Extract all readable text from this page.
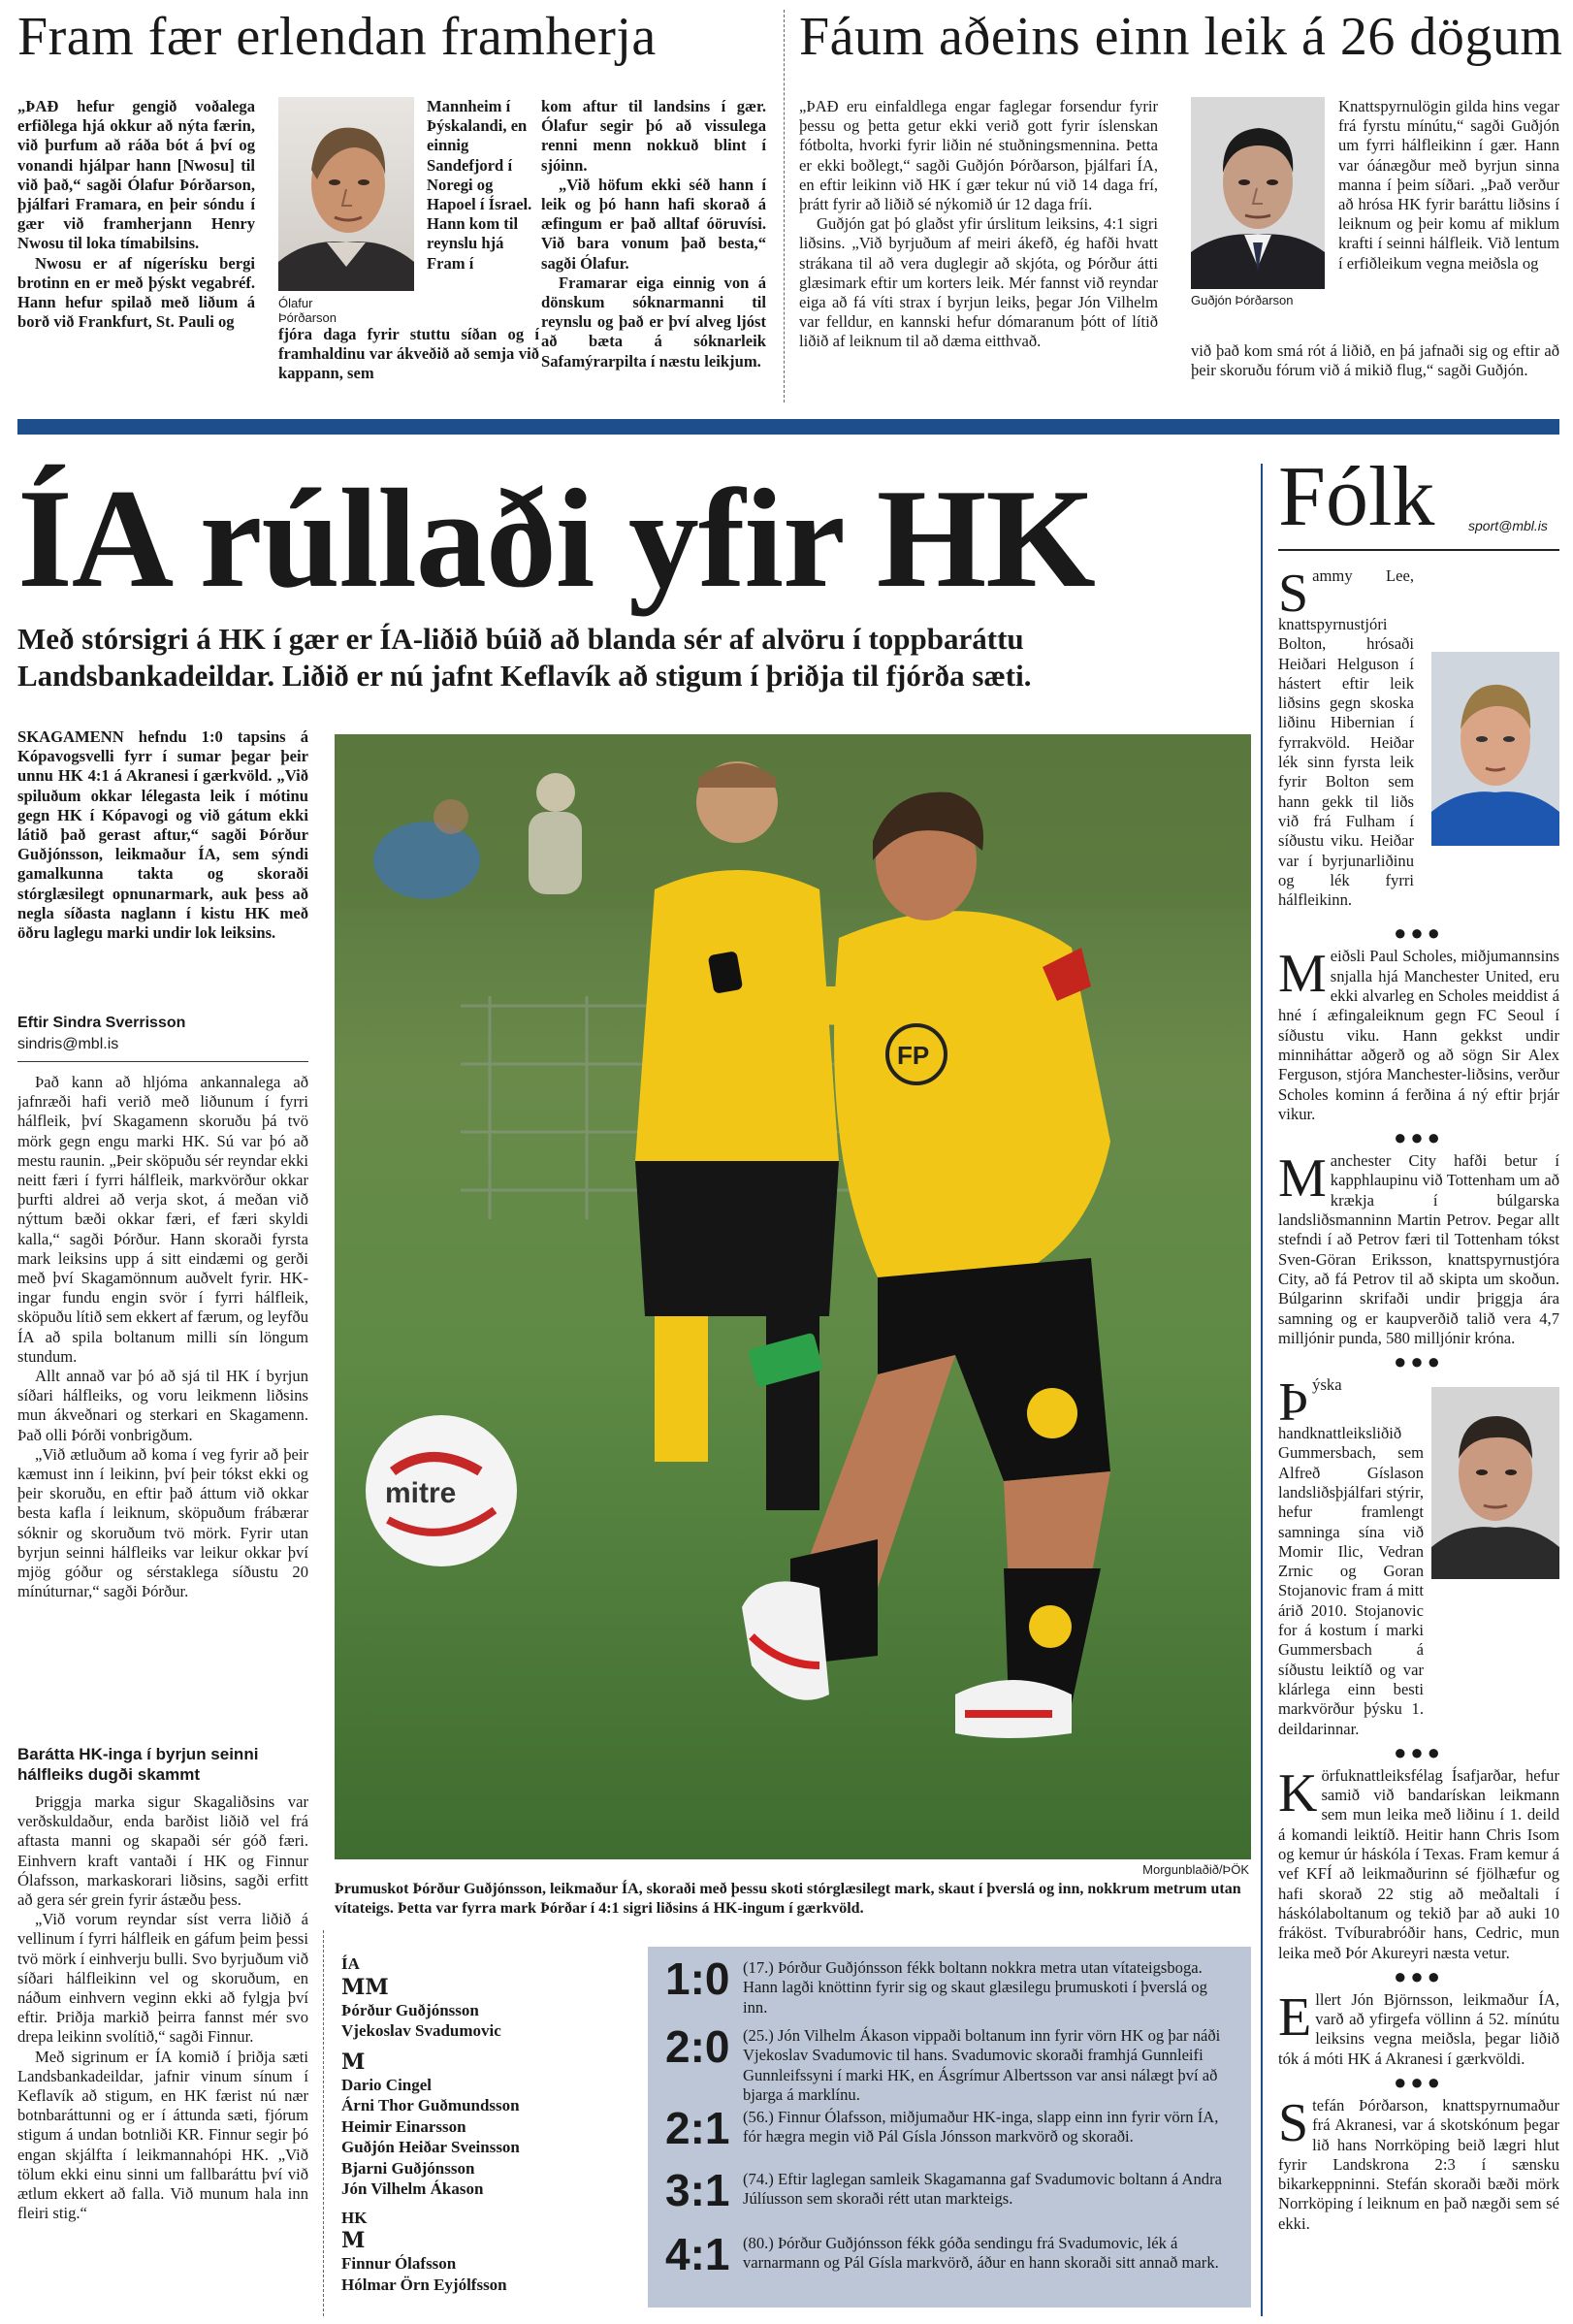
Fram fær erlendan framherja

„ÞAÐ hefur gengið voðalega erfiðlega hjá okkur að nýta færin, við þurfum að ráða bót á því og vonandi hjálpar hann [Nwosu] til við það,“ sagði Ólafur Þórðarson, þjálfari Framara, en þeir sóndu í gær við framherjann Henry Nwosu til loka tímabilsins.

Nwosu er af nígerísku bergi brotinn en er með þýskt vegabréf. Hann hefur spilað með liðum á borð við Frankfurt, St. Pauli og

Ólafur
Þórðarson

Mannheim í Þýskalandi, en einnig Sandefjord í Noregi og Hapoel í Ísrael. Hann kom til reynslu hjá Fram í

fjóra daga fyrir stuttu síðan og í framhaldinu var ákveðið að semja við kappann, sem

kom aftur til landsins í gær. Ólafur segir þó að vissulega renni menn nokkuð blint í sjóinn.

„Við höfum ekki séð hann í leik og þó hann hafi skorað á æfingum er það alltaf óöruvísi. Við bara vonum það besta,“ sagði Ólafur.

Framarar eiga einnig von á dönskum sóknarmanni til reynslu og það er því alveg ljóst að bæta á sóknarleik Safamýrarpilta í næstu leikjum.

Fáum aðeins einn leik á 26 dögum

„ÞAÐ eru einfaldlega engar faglegar forsendur fyrir þessu og þetta getur ekki verið gott fyrir íslenskan fótbolta, hvorki fyrir liðin né stuðningsmennina. Þetta er ekki boðlegt,“ sagði Guðjón Þórðarson, þjálfari ÍA, en eftir leikinn við HK í gær tekur nú við 14 daga frí, þrátt fyrir að liðið sé nýkomið úr 12 daga fríi.

Guðjón gat þó glaðst yfir úrslitum leiksins, 4:1 sigri liðsins. „Við byrjuðum af meiri ákefð, ég hafði hvatt strákana til að vera duglegir að skjóta, og Þórður átti glæsimark eftir um korters leik. Mér fannst við reyndar eiga að fá víti strax í byrjun leiks, þegar Jón Vilhelm var felldur, en kannski hefur dómaranum þótt of lítið liðið af leiknum til að dæma eitthvað.

Guðjón Þórðarson

Knattspyrnulögin gilda hins vegar frá fyrstu mínútu,“ sagði Guðjón um fyrri hálfleikinn í gær. Hann var óánægður með byrjun sinna manna í þeim síðari. „Það verður að hrósa HK fyrir baráttu liðsins í leiknum og þeir komu af miklum krafti í seinni hálfleik. Við lentum í erfiðleikum vegna meiðsla og

við það kom smá rót á liðið, en þá jafnaði sig og eftir að þeir skoruðu fórum við á mikið flug,“ sagði Guðjón.

ÍA rúllaði yfir HK
Með stórsigri á HK í gær er ÍA-liðið búið að blanda sér af alvöru í toppbaráttu Landsbankadeildar. Liðið er nú jafnt Keflavík að stigum í þriðja til fjórða sæti.

SKAGAMENN hefndu 1:0 tapsins á Kópavogsvelli fyrr í sumar þegar þeir unnu HK 4:1 á Akranesi í gærkvöld. „Við spiluðum okkar lélegasta leik í mótinu gegn HK í Kópavogi og við gátum ekki látið það gerast aftur,“ sagði Þórður Guðjónsson, leikmaður ÍA, sem sýndi gamalkunna takta og skoraði stórglæsilegt opnunarmark, auk þess að negla síðasta naglann í kistu HK með öðru laglegu marki undir lok leiksins.

Eftir Sindra Sverrisson
sindris@mbl.is

Það kann að hljóma ankannalega að jafnræði hafi verið með liðunum í fyrri hálfleik, því Skagamenn skoruðu þá tvö mörk gegn engu marki HK. Sú var þó að mestu raunin. „Þeir sköpuðu sér reyndar ekki neitt færi í fyrri hálfleik, markvörður okkar þurfti aldrei að verja skot, á meðan við nýttum bæði okkar færi, ef færi skyldi kalla,“ sagði Þórður. Hann skoraði fyrsta mark leiksins upp á sitt eindæmi og gerði með því Skagamönnum auðvelt fyrir. HK-ingar fundu engin svör í fyrri hálfleik, sköpuðu lítið sem ekkert af færum, og leyfðu ÍA að spila boltanum milli sín löngum stundum.

Allt annað var þó að sjá til HK í byrjun síðari hálfleiks, og voru leikmenn liðsins mun ákveðnari og sterkari en Skagamenn. Það olli Þórði vonbrigðum.

„Við ætluðum að koma í veg fyrir að þeir kæmust inn í leikinn, því þeir tókst ekki og þeir skoruðu, en eftir það áttum við okkar besta kafla í leiknum, sköpuðum frábærar sóknir og skoruðum tvö mörk. Fyrir utan byrjun seinni hálfleiks var leikur okkar því mjög góður og sérstaklega síðustu 20 mínúturnar,“ sagði Þórður.

Barátta HK-inga í byrjun seinni hálfleiks dugði skammt

Þriggja marka sigur Skagaliðsins var verðskuldaður, enda barðist liðið vel frá aftasta manni og skapaði sér góð færi. Einhvern kraft vantaði í HK og Finnur Ólafsson, markaskorari liðsins, sagði erfitt að gera sér grein fyrir ástæðu þess.

„Við vorum reyndar síst verra liðið á vellinum í fyrri hálfleik en gáfum þeim þessi tvö mörk í einhverju bulli. Svo byrjuðum við síðari hálfleikinn vel og skoruðum, en náðum einhvern veginn ekki að fylgja því eftir. Þriðja markið þeirra fannst mér svo drepa leikinn svolítið,“ sagði Finnur.

Með sigrinum er ÍA komið í þriðja sæti Landsbankadeildar, jafnir vinum sínum í Keflavík að stigum, en HK færist nú nær botnbaráttunni og er í áttunda sæti, fjórum stigum á undan botnliði KR. Finnur segir þó engan skjálfta í leikmannahópi HK. „Við tölum ekki einu sinni um fallbaráttu því við ætlum ekkert að falla. Við munum hala inn fleiri stig.“

FP
mitre
Morgunblaðið/ÞÖK
Þrumuskot Þórður Guðjónsson, leikmaður ÍA, skoraði með þessu skoti stórglæsilegt mark, skaut í þverslá og inn, nokkrum metrum utan vítateigs. Þetta var fyrra mark Þórðar í 4:1 sigri liðsins á HK-ingum í gærkvöld.
ÍA
MM
Þórður Guðjónsson
Vjekoslav Svadumovic
M
Dario Cingel
Árni Thor Guðmundsson
Heimir Einarsson
Guðjón Heiðar Sveinsson
Bjarni Guðjónsson
Jón Vilhelm Ákason
HK
M
Finnur Ólafsson
Hólmar Örn Eyjólfsson
1:0 (17.) Þórður Guðjónsson fékk boltann nokkra metra utan vítateigsboga. Hann lagði knöttinn fyrir sig og skaut glæsilegu þrumuskoti í þverslá og inn.
2:0 (25.) Jón Vilhelm Ákason vippaði boltanum inn fyrir vörn HK og þar náði Vjekoslav Svadumovic til hans. Svadumovic skoraði framhjá Gunnleifi Gunnleifssyni í marki HK, en Ásgrímur Albertsson var ansi nálægt því að bjarga á marklínu.
2:1 (56.) Finnur Ólafsson, miðjumaður HK-inga, slapp einn inn fyrir vörn ÍA, fór hægra megin við Pál Gísla Jónsson markvörð og skoraði.
3:1 (74.) Eftir laglegan samleik Skagamanna gaf Svadumovic boltann á Andra Júlíusson sem skoraði rétt utan markteigs.
4:1 (80.) Þórður Guðjónsson fékk góða sendingu frá Svadumovic, lék á varnarmann og Pál Gísla markvörð, áður en hann skoraði sitt annað mark.
Fólk sport@mbl.is
S ammy Lee, knattspyrnustjóri Bolton, hrósaði Heiðari Helguson í hástert eftir leik liðsins gegn skoska liðinu Hibernian í fyrrakvöld. Heiðar lék sinn fyrsta leik fyrir Bolton sem hann gekk til liðs við frá Fulham í síðustu viku. Heiðar var í byrjunarliðinu og lék fyrri hálfleikinn.
●●●
M eiðsli Paul Scholes, miðjumannsins snjalla hjá Manchester United, eru ekki alvarleg en Scholes meiddist á hné í æfingaleiknum gegn FC Seoul í síðustu viku. Hann gekkst undir minniháttar aðgerð og að sögn Sir Alex Ferguson, stjóra Manchester-liðsins, verður Scholes kominn á ferðina á ný eftir þrjár vikur.
●●●
M anchester City hafði betur í kapphlaupinu við Tottenham um að krækja í búlgarska landsliðsmanninn Martin Petrov. Þegar allt stefndi í að Petrov færi til Tottenham tókst Sven-Göran Eriksson, knattspyrnustjóra City, að fá Petrov til að skipta um skoðun. Búlgarinn skrifaði undir þriggja ára samning og er kaupverðið talið vera 4,7 milljónir punda, 580 milljónir króna.
●●●
Þ ýska handknattleiksliðið Gummersbach, sem Alfreð Gíslason landsliðsþjálfari stýrir, hefur framlengt samninga sína við Momir Ilic, Vedran Zrnic og Goran Stojanovic fram á mitt árið 2010. Stojanovic for á kostum í marki Gummersbach á síðustu leiktíð og var klárlega einn besti markvörður þýsku 1. deildarinnar.
●●●
K örfuknattleiksfélag Ísafjarðar, hefur samið við bandarískan leikmann sem mun leika með liðinu í 1. deild á komandi leiktíð. Heitir hann Chris Isom og kemur úr háskóla í Texas. Fram kemur á vef KFÍ að leikmaðurinn sé fjölhæfur og hafi skorað 22 stig að meðaltali í háskólaboltanum og tekið þar að auki 10 fráköst. Tvíburabróðir hans, Cedric, mun leika með Þór Akureyri næsta vetur.
●●●
E llert Jón Björnsson, leikmaður ÍA, varð að yfirgefa völlinn á 52. mínútu leiksins vegna meiðsla, þegar liðið tók á móti HK á Akranesi í gærkvöldi.
●●●
S tefán Þórðarson, knattspyrnumaður frá Akranesi, var á skotskónum þegar lið hans Norrköping beið lægri hlut fyrir Landskrona 2:3 í sænsku bikarkeppninni. Stefán skoraði bæði mörk Norrköping í leiknum en það nægði sem sé ekki.
